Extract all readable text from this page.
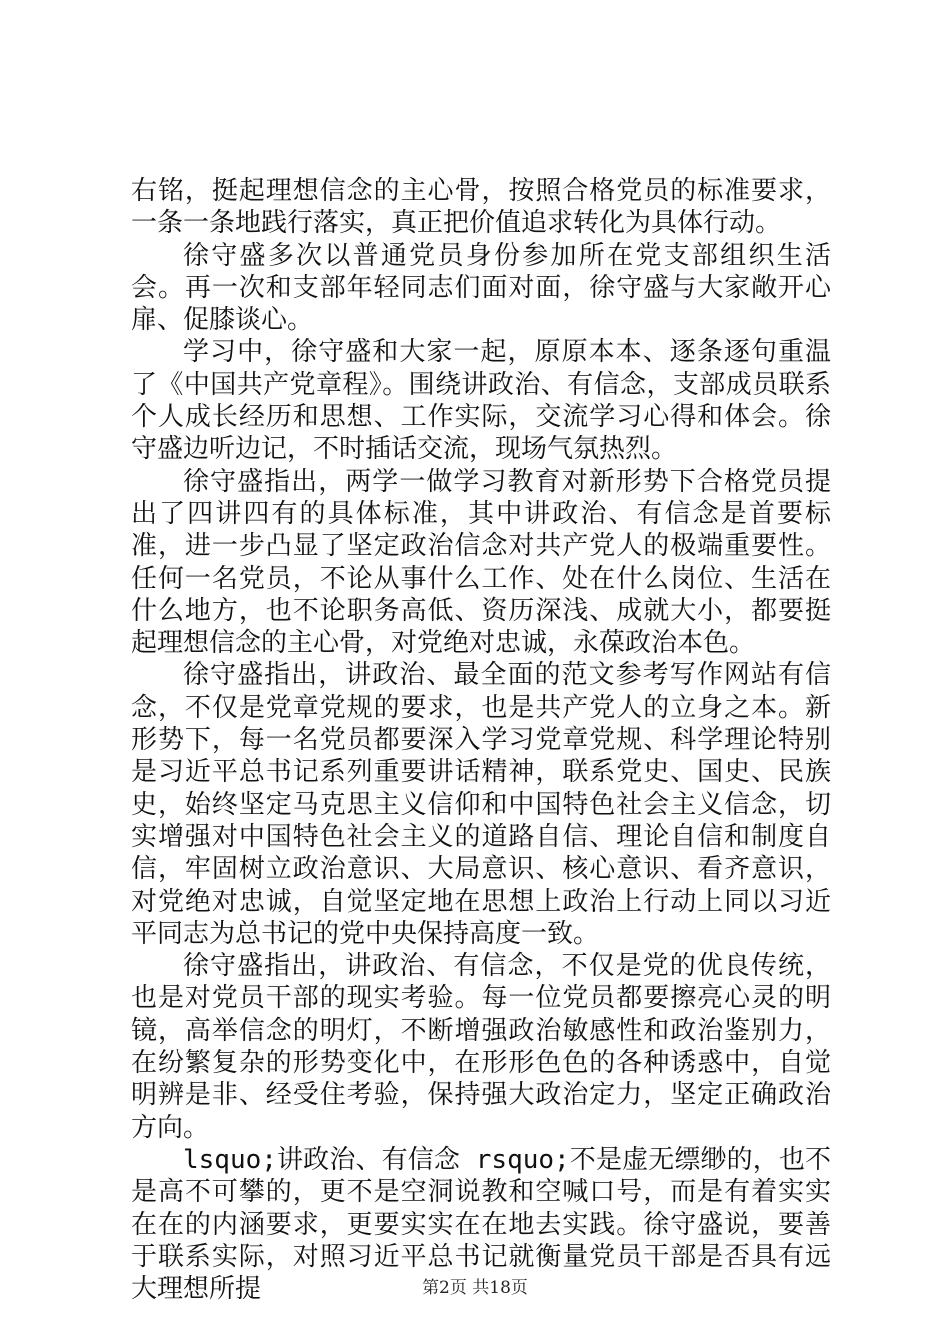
右铭，挺起理想信念的主心骨，按照合格党员的标准要求，一条一条地践行落实，真正把价值追求转化为具体行动。

徐守盛多次以普通党员身份参加所在党支部组织生活会。再一次和支部年轻同志们面对面，徐守盛与大家敞开心扉、促膝谈心。

学习中，徐守盛和大家一起，原原本本、逐条逐句重温了《中国共产党章程》。围绕讲政治、有信念，支部成员联系个人成长经历和思想、工作实际，交流学习心得和体会。徐守盛边听边记，不时插话交流，现场气氛热烈。

徐守盛指出，两学一做学习教育对新形势下合格党员提出了四讲四有的具体标准，其中讲政治、有信念是首要标准，进一步凸显了坚定政治信念对共产党人的极端重要性。任何一名党员，不论从事什么工作、处在什么岗位、生活在什么地方，也不论职务高低、资历深浅、成就大小，都要挺起理想信念的主心骨，对党绝对忠诚，永葆政治本色。

徐守盛指出，讲政治、最全面的范文参考写作网站有信念，不仅是党章党规的要求，也是共产党人的立身之本。新形势下，每一名党员都要深入学习党章党规、科学理论特别是习近平总书记系列重要讲话精神，联系党史、国史、民族史，始终坚定马克思主义信仰和中国特色社会主义信念，切实增强对中国特色社会主义的道路自信、理论自信和制度自信，牢固树立政治意识、大局意识、核心意识、看齐意识，对党绝对忠诚，自觉坚定地在思想上政治上行动上同以习近平同志为总书记的党中央保持高度一致。

徐守盛指出，讲政治、有信念，不仅是党的优良传统，也是对党员干部的现实考验。每一位党员都要擦亮心灵的明镜，高举信念的明灯，不断增强政治敏感性和政治鉴别力，在纷繁复杂的形势变化中，在形形色色的各种诱惑中，自觉明辨是非、经受住考验，保持强大政治定力，坚定正确政治方向。

lsquo;讲政治、有信念 rsquo;不是虚无缥缈的，也不是高不可攀的，更不是空洞说教和空喊口号，而是有着实实在在的内涵要求，更要实实在在地去实践。徐守盛说，要善于联系实际，对照习近平总书记就衡量党员干部是否具有远大理想所提	第2页 共18页
